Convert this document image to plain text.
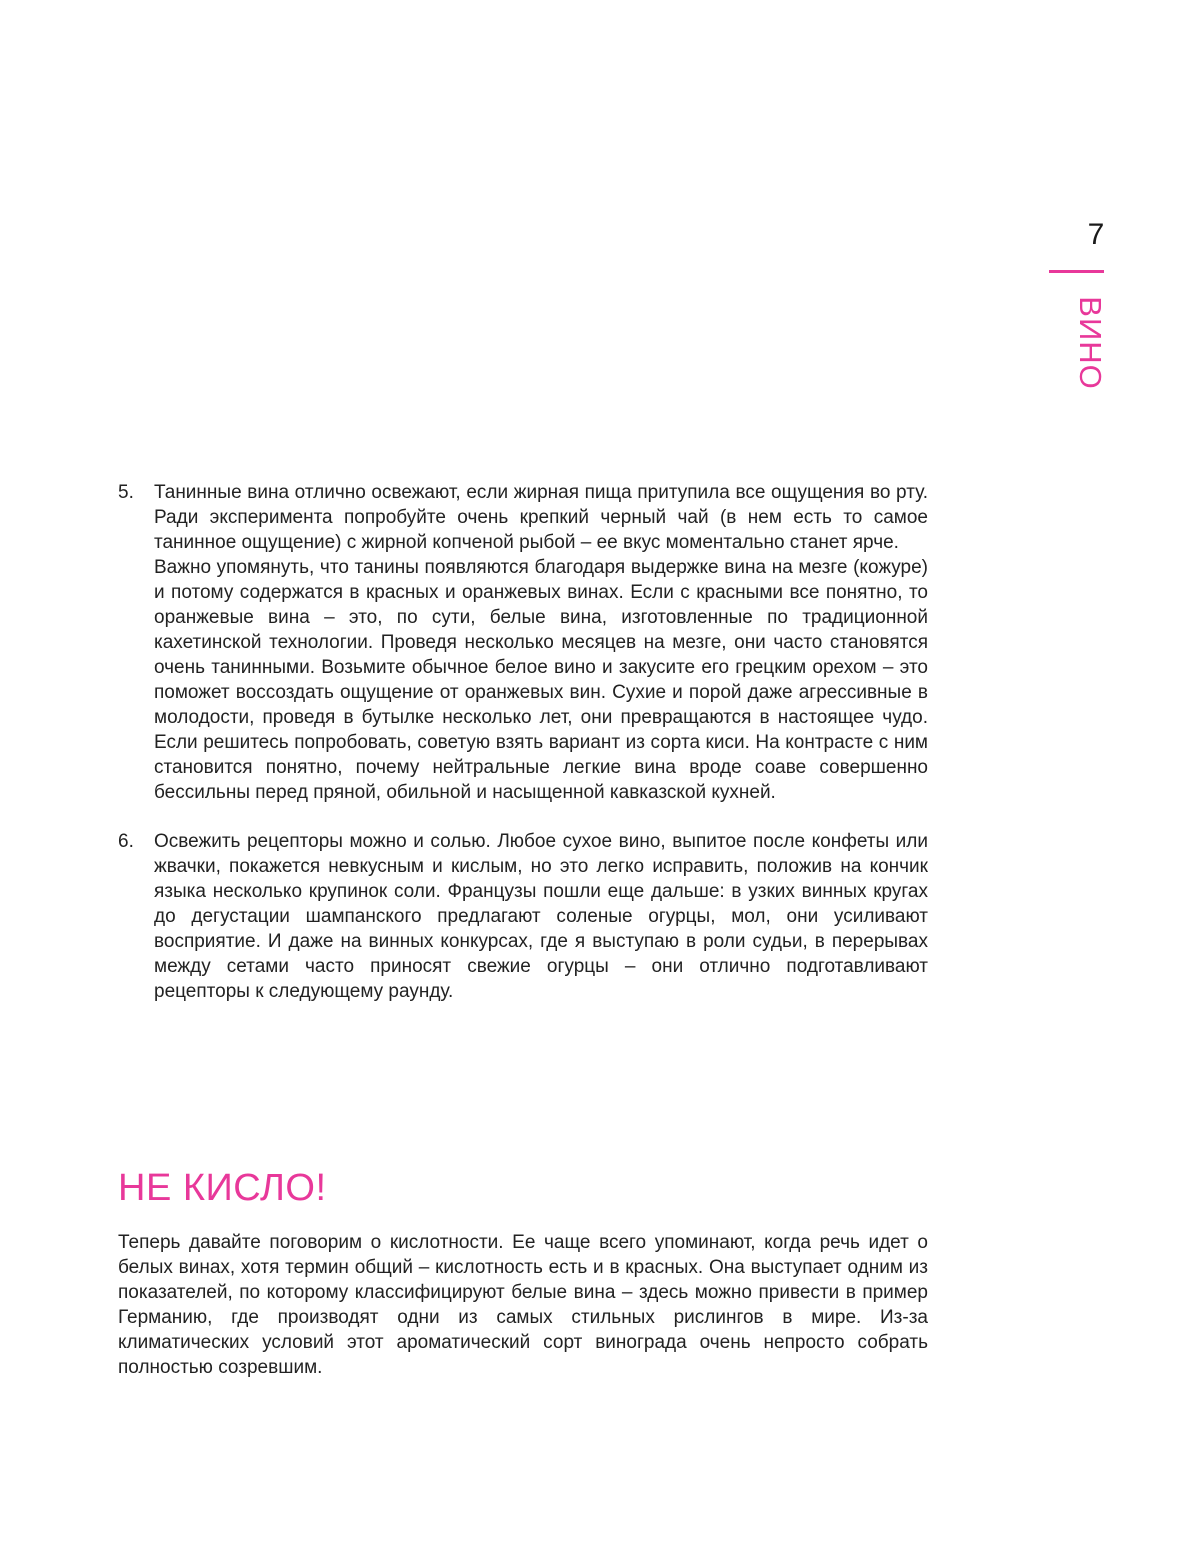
7
ВИНО
5.	Танинные вина отлично освежают, если жирная пища притупила все ощущения во рту. Ради эксперимента попробуйте очень крепкий черный чай (в нем есть то самое танинное ощущение) с жирной копченой рыбой – ее вкус моментально станет ярче.

Важно упомянуть, что танины появляются благодаря выдержке вина на мезге (кожуре) и потому содержатся в красных и оранжевых винах. Если с красными все понятно, то оранжевые вина – это, по сути, белые вина, изготовленные по традиционной кахетинской технологии. Проведя несколько месяцев на мезге, они часто становятся очень танинными. Возьмите обычное белое вино и закусите его грецким орехом – это поможет воссоздать ощущение от оранжевых вин. Сухие и порой даже агрессивные в молодости, проведя в бутылке несколько лет, они превращаются в настоящее чудо. Если решитесь попробовать, советую взять вариант из сорта киси. На контрасте с ним становится понятно, почему нейтральные легкие вина вроде соаве совершенно бессильны перед пряной, обильной и насыщенной кавказской кухней.

6.	Освежить рецепторы можно и солью. Любое сухое вино, выпитое после конфеты или жвачки, покажется невкусным и кислым, но это легко исправить, положив на кончик языка несколько крупинок соли. Французы пошли еще дальше: в узких винных кругах до дегустации шампанского предлагают соленые огурцы, мол, они усиливают восприятие. И даже на винных конкурсах, где я выступаю в роли судьи, в перерывах между сетами часто приносят свежие огурцы – они отлично подготавливают рецепторы к следующему раунду.

НЕ КИСЛО!

Теперь давайте поговорим о кислотности. Ее чаще всего упоминают, когда речь идет о белых винах, хотя термин общий – кислотность есть и в красных. Она выступает одним из показателей, по которому классифицируют белые вина – здесь можно привести в пример Германию, где производят одни из самых стильных рислингов в мире. Из-за климатических условий этот ароматический сорт винограда очень непросто собрать полностью созревшим.
